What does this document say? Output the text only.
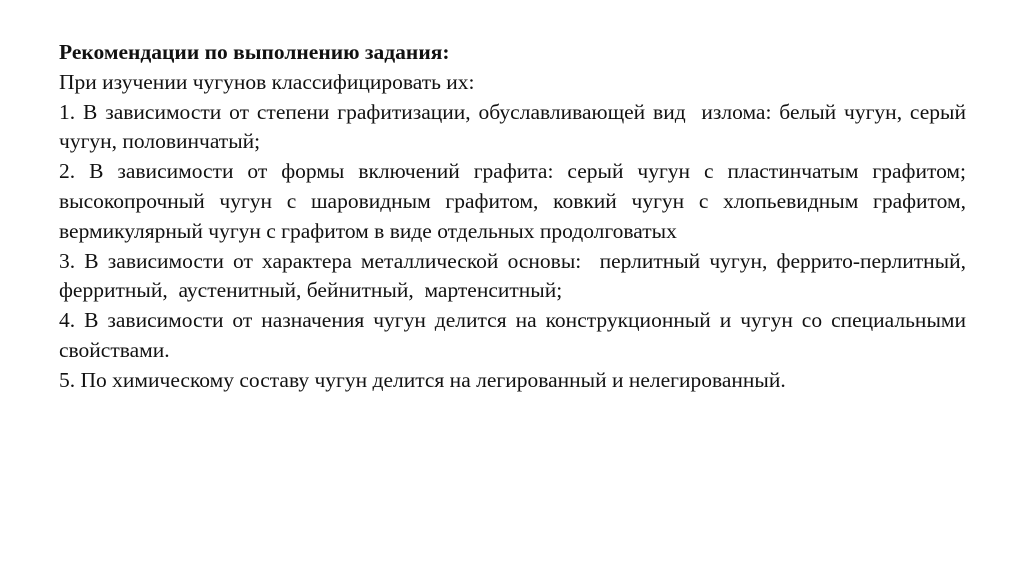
Рекомендации по выполнению задания:

При изучении чугунов классифицировать их:

1. В зависимости от степени графитизации, обуславливающей вид  излома: белый чугун, серый чугун, половинчатый;

2. В зависимости от формы включений графита: серый чугун с пластинчатым графитом;  высокопрочный чугун с шаровидным графитом, ковкий чугун с хлопьевидным графитом, вермикулярный чугун с графитом в виде отдельных продолговатых

3. В зависимости от характера металлической основы:  перлитный чугун, феррито-перлитный, ферритный,  аустенитный, бейнитный,  мартенситный;

4. В зависимости от назначения чугун делится на конструкционный и чугун со специальными свойствами.

5. По химическому составу чугун делится на легированный и нелегированный.
